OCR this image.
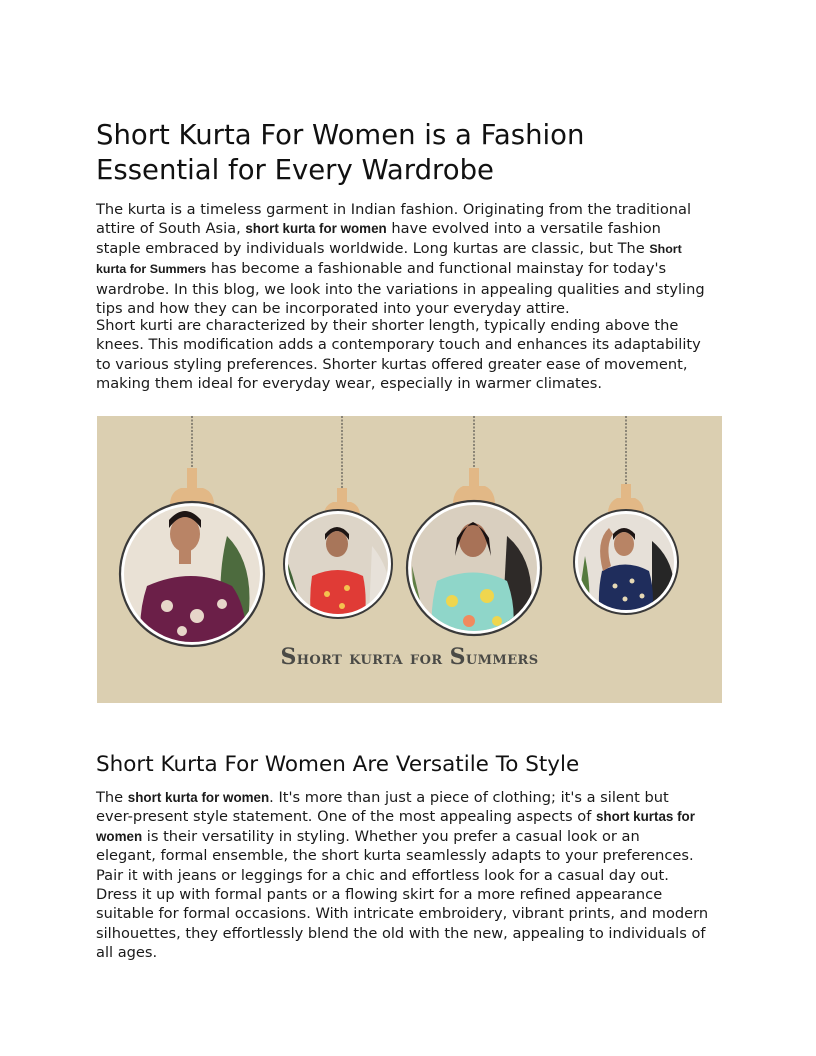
Short Kurta For Women is a Fashion Essential for Every Wardrobe

The kurta is a timeless garment in Indian fashion. Originating from the traditional
attire of South Asia, short kurta for women have evolved into a versatile fashion
staple embraced by individuals worldwide. Long kurtas are classic, but The Short
kurta for Summers has become a fashionable and functional mainstay for today's
wardrobe. In this blog, we look into the variations in appealing qualities and styling
tips and how they can be incorporated into your everyday attire.

Short kurti are characterized by their shorter length, typically ending above the
knees. This modification adds a contemporary touch and enhances its adaptability
to various styling preferences. Shorter kurtas offered greater ease of movement,
making them ideal for everyday wear, especially in warmer climates.

Short kurta for Summers
Short Kurta For Women Are Versatile To Style

The short kurta for women. It's more than just a piece of clothing; it's a silent but
ever-present style statement. One of the most appealing aspects of short kurtas for
women is their versatility in styling. Whether you prefer a casual look or an
elegant, formal ensemble, the short kurta seamlessly adapts to your preferences.
Pair it with jeans or leggings for a chic and effortless look for a casual day out.
Dress it up with formal pants or a flowing skirt for a more refined appearance
suitable for formal occasions. With intricate embroidery, vibrant prints, and modern
silhouettes, they effortlessly blend the old with the new, appealing to individuals of
all ages.
